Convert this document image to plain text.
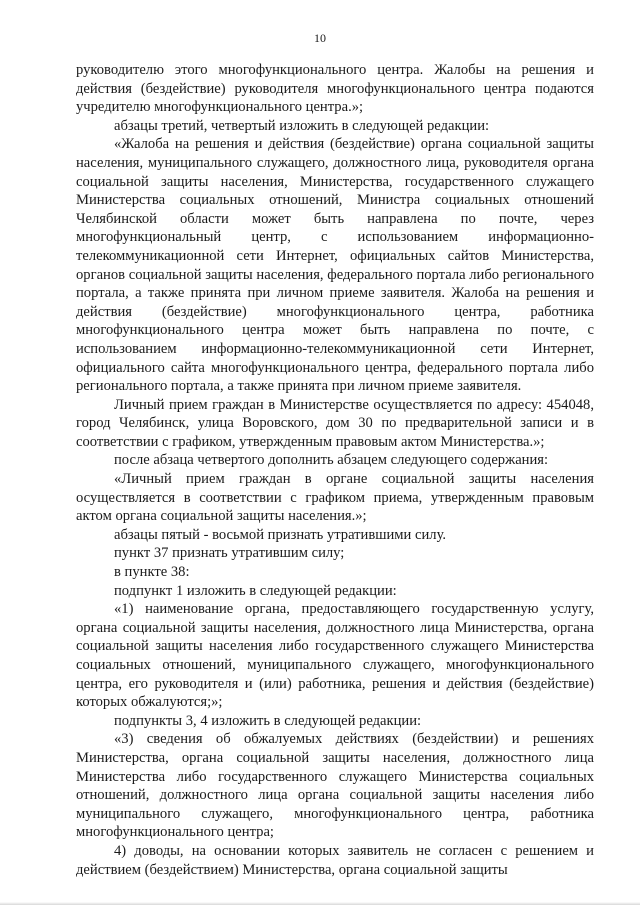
10

руководителю этого многофункционального центра. Жалобы на решения и действия (бездействие) руководителя многофункционального центра подаются учредителю многофункционального центра.»;

абзацы третий, четвертый изложить в следующей редакции:

«Жалоба на решения и действия (бездействие) органа социальной защиты населения, муниципального служащего, должностного лица, руководителя органа социальной защиты населения, Министерства, государственного служащего Министерства социальных отношений, Министра социальных отношений Челябинской области может быть направлена по почте, через многофункциональный центр, с использованием информационно-телекоммуникационной сети Интернет, официальных сайтов Министерства, органов социальной защиты населения, федерального портала либо регионального портала, а также принята при личном приеме заявителя. Жалоба на решения и действия (бездействие) многофункционального центра, работника многофункционального центра может быть направлена по почте, с использованием информационно-телекоммуникационной сети Интернет, официального сайта многофункционального центра, федерального портала либо регионального портала, а также принята при личном приеме заявителя.

Личный прием граждан в Министерстве осуществляется по адресу: 454048, город Челябинск, улица Воровского, дом 30 по предварительной записи и в соответствии с графиком, утвержденным правовым актом Министерства.»;

после абзаца четвертого дополнить абзацем следующего содержания:

«Личный прием граждан в органе социальной защиты населения осуществляется в соответствии с графиком приема, утвержденным правовым актом органа социальной защиты населения.»;

абзацы пятый - восьмой признать утратившими силу.

пункт 37 признать утратившим силу;

в пункте 38:

подпункт 1 изложить в следующей редакции:

«1) наименование органа, предоставляющего государственную услугу, органа социальной защиты населения, должностного лица Министерства, органа социальной защиты населения либо государственного служащего Министерства социальных отношений, муниципального служащего, многофункционального центра, его руководителя и (или) работника, решения и действия (бездействие) которых обжалуются;»;

подпункты 3, 4 изложить в следующей редакции:

«3) сведения об обжалуемых действиях (бездействии) и решениях Министерства, органа социальной защиты населения, должностного лица Министерства либо государственного служащего Министерства социальных отношений, должностного лица органа социальной защиты населения либо муниципального служащего, многофункционального центра, работника многофункционального центра;

4) доводы, на основании которых заявитель не согласен с решением и действием (бездействием) Министерства, органа социальной защиты
